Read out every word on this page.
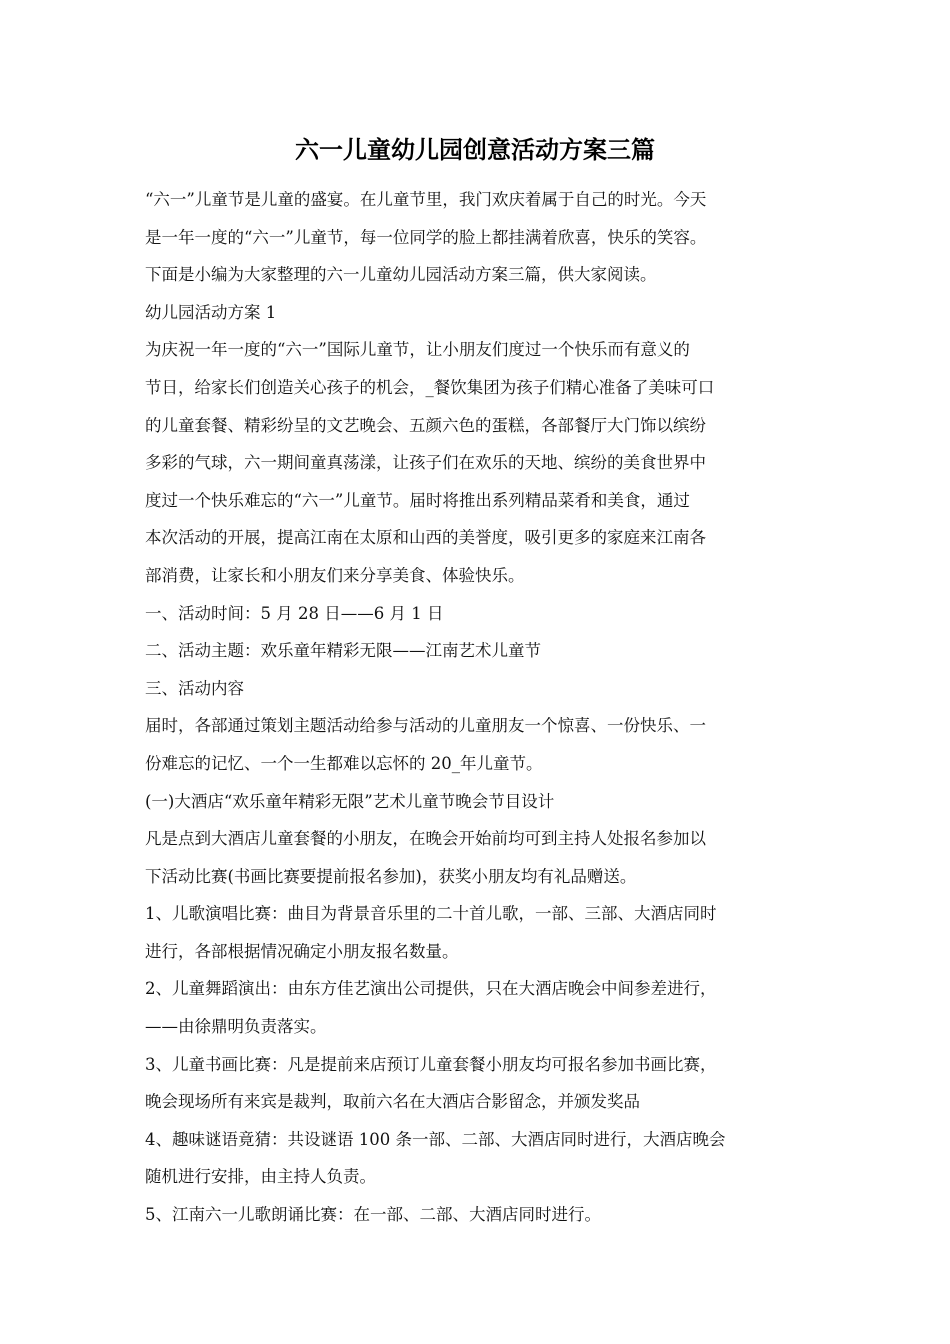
六一儿童幼儿园创意活动方案三篇

“六一”儿童节是儿童的盛宴。在儿童节里，我门欢庆着属于自己的时光。今天

是一年一度的“六一”儿童节，每一位同学的脸上都挂满着欣喜，快乐的笑容。

下面是小编为大家整理的六一儿童幼儿园活动方案三篇，供大家阅读。

幼儿园活动方案 1

为庆祝一年一度的“六一”国际儿童节，让小朋友们度过一个快乐而有意义的

节日，给家长们创造关心孩子的机会，_餐饮集团为孩子们精心准备了美味可口

的儿童套餐、精彩纷呈的文艺晚会、五颜六色的蛋糕，各部餐厅大门饰以缤纷

多彩的气球，六一期间童真荡漾，让孩子们在欢乐的天地、缤纷的美食世界中

度过一个快乐难忘的“六一”儿童节。届时将推出系列精品菜肴和美食，通过

本次活动的开展，提高江南在太原和山西的美誉度，吸引更多的家庭来江南各

部消费，让家长和小朋友们来分享美食、体验快乐。

一、活动时间：5 月 28 日——6 月 1 日

二、活动主题：欢乐童年精彩无限——江南艺术儿童节

三、活动内容

届时，各部通过策划主题活动给参与活动的儿童朋友一个惊喜、一份快乐、一

份难忘的记忆、一个一生都难以忘怀的 20_年儿童节。

(一)大酒店“欢乐童年精彩无限”艺术儿童节晚会节目设计

凡是点到大酒店儿童套餐的小朋友，在晚会开始前均可到主持人处报名参加以

下活动比赛(书画比赛要提前报名参加)，获奖小朋友均有礼品赠送。

1、儿歌演唱比赛：曲目为背景音乐里的二十首儿歌，一部、三部、大酒店同时

进行，各部根据情况确定小朋友报名数量。

2、儿童舞蹈演出：由东方佳艺演出公司提供，只在大酒店晚会中间参差进行，

——由徐鼎明负责落实。

3、儿童书画比赛：凡是提前来店预订儿童套餐小朋友均可报名参加书画比赛，

晚会现场所有来宾是裁判，取前六名在大酒店合影留念，并颁发奖品

4、趣味谜语竟猜：共设谜语 100 条一部、二部、大酒店同时进行，大酒店晚会

随机进行安排，由主持人负责。

5、江南六一儿歌朗诵比赛：在一部、二部、大酒店同时进行。
